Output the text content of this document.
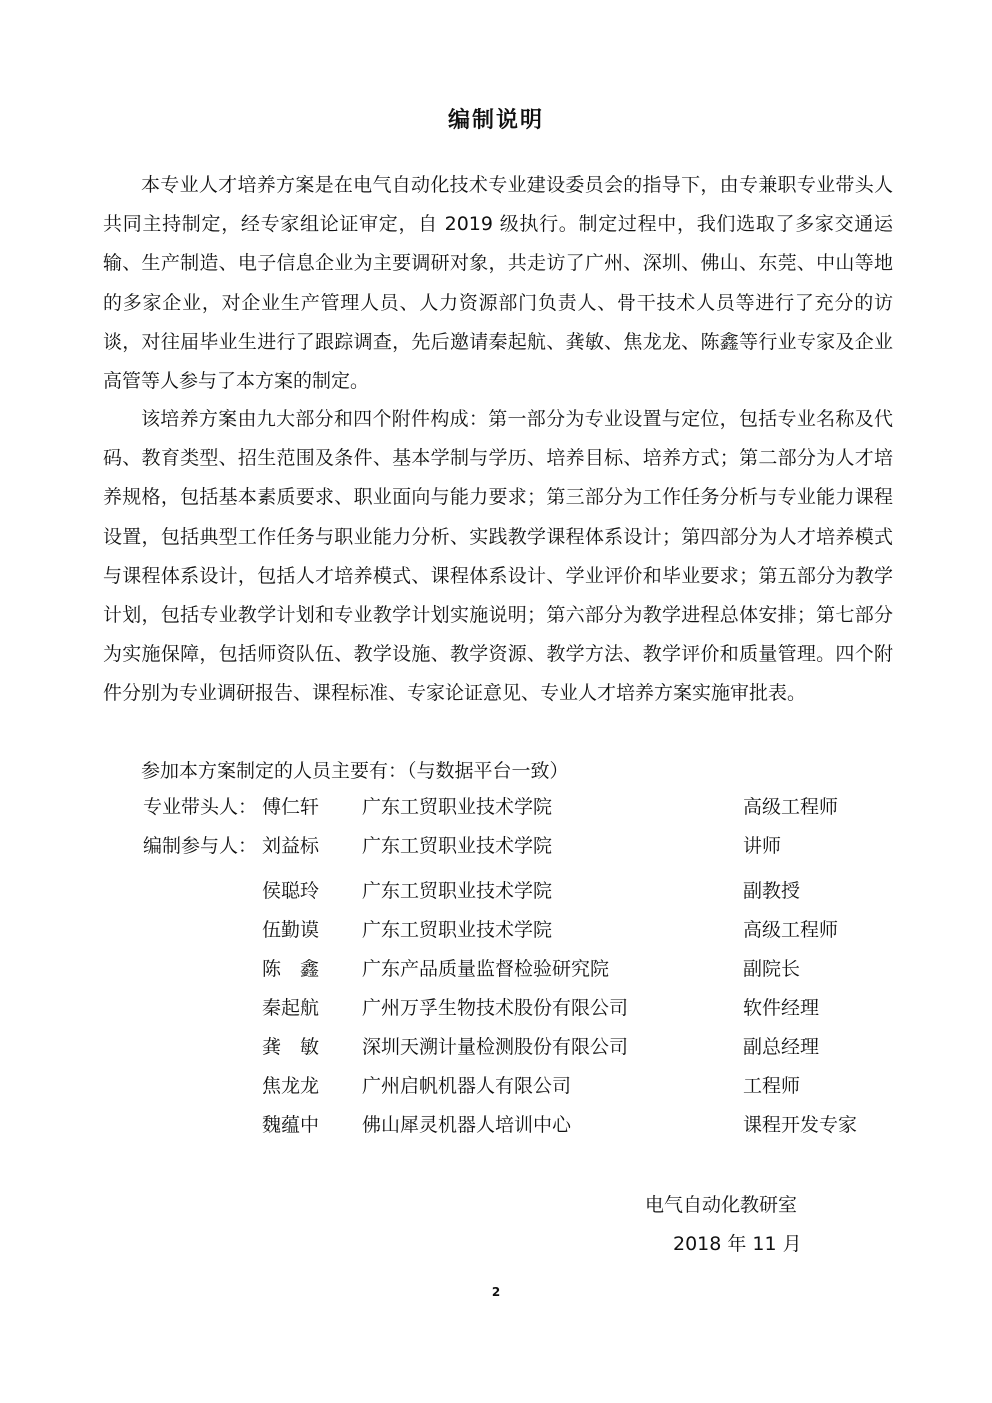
编制说明

本专业人才培养方案是在电气自动化技术专业建设委员会的指导下，由专兼职专业带头人共同主持制定，经专家组论证审定，自 2019 级执行。制定过程中，我们选取了多家交通运输、生产制造、电子信息企业为主要调研对象，共走访了广州、深圳、佛山、东莞、中山等地的多家企业，对企业生产管理人员、人力资源部门负责人、骨干技术人员等进行了充分的访谈，对往届毕业生进行了跟踪调查，先后邀请秦起航、龚敏、焦龙龙、陈鑫等行业专家及企业高管等人参与了本方案的制定。

该培养方案由九大部分和四个附件构成：第一部分为专业设置与定位，包括专业名称及代码、教育类型、招生范围及条件、基本学制与学历、培养目标、培养方式；第二部分为人才培养规格，包括基本素质要求、职业面向与能力要求；第三部分为工作任务分析与专业能力课程设置，包括典型工作任务与职业能力分析、实践教学课程体系设计；第四部分为人才培养模式与课程体系设计，包括人才培养模式、课程体系设计、学业评价和毕业要求；第五部分为教学计划，包括专业教学计划和专业教学计划实施说明；第六部分为教学进程总体安排；第七部分为实施保障，包括师资队伍、教学设施、教学资源、教学方法、教学评价和质量管理。四个附件分别为专业调研报告、课程标准、专家论证意见、专业人才培养方案实施审批表。

参加本方案制定的人员主要有：（与数据平台一致）

专业带头人： 傅仁轩 广东工贸职业技术学院	高级工程师
编制参与人： 刘益标 广东工贸职业技术学院	讲师
侯聪玲 广东工贸职业技术学院	副教授
伍勤谟 广东工贸职业技术学院	高级工程师
陈　鑫 广东产品质量监督检验研究院	副院长
秦起航 广州万孚生物技术股份有限公司	软件经理
龚　敏 深圳天溯计量检测股份有限公司	副总经理
焦龙龙 广州启帆机器人有限公司	工程师
魏蕴中 佛山犀灵机器人培训中心	课程开发专家
电气自动化教研室
2018 年 11 月
2
